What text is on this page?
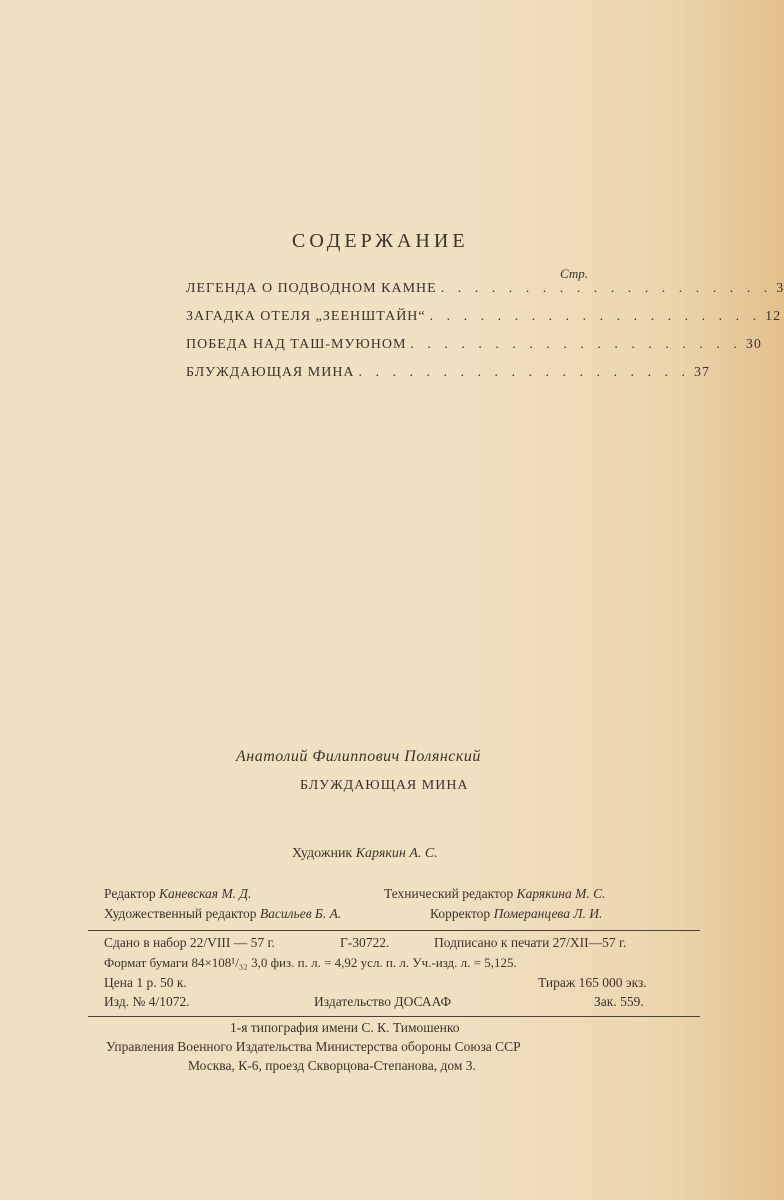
СОДЕРЖАНИЕ
Стр.
ЛЕГЕНДА О ПОДВОДНОМ КАМНЕ . . . . . . . . . . . . . . . . . . . . 3
ЗАГАДКА ОТЕЛЯ „ЗЕЕНШТАЙН“ . . . . . . . . . . . . . . . . . . . . 12
ПОБЕДА НАД ТАШ-МУЮНОМ . . . . . . . . . . . . . . . . . . . . 30
БЛУЖДАЮЩАЯ МИНА . . . . . . . . . . . . . . . . . . . . 37
Анатолий Филиппович Полянский
БЛУЖДАЮЩАЯ МИНА
Художник Карякин А. С.
Редактор Каневская М. Д.	Технический редактор Карякина М. С.
Художественный редактор Васильев Б. А.	Корректор Померанцева Л. И.
Сдано в набор 22/VIII — 57 г.	Г-30722.	Подписано к печати 27/XII—57 г.
Формат бумаги 84×108¹/₃₂ 3,0 физ. п. л. = 4,92 усл. п. л. Уч.-изд. л. = 5,125.
Цена 1 р. 50 к.	Тираж 165 000 экз.
Изд. № 4/1072.	Издательство ДОСААФ	Зак. 559.
1-я типография имени С. К. Тимошенко
Управления Военного Издательства Министерства обороны Союза ССР
Москва, К-6, проезд Скворцова-Степанова, дом 3.
